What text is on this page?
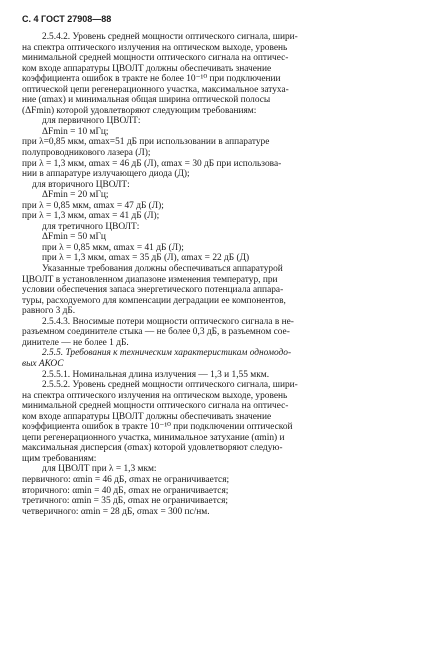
С. 4 ГОСТ 27908—88

2.5.4.2. Уровень средней мощности оптического сигнала, шири-

на спектра оптического излучения на оптическом выходе, уровень

минимальной средней мощности оптического сигнала на оптичес-

ком входе аппаратуры ЦВОЛТ должны обеспечивать значение

коэффициента ошибок в тракте не более 10⁻¹⁰ при подключении

оптической цепи регенерационного участка, максимальное затуха-

ние (αmax) и минимальная общая ширина оптической полосы

(ΔFmin) которой удовлетворяют следующим требованиям:

для первичного ЦВОЛТ:

ΔFmin = 10 мГц;

при λ=0,85 мкм, αmax=51 дБ при использовании в аппаратуре

полупроводникового лазера (Л);

при λ = 1,3 мкм, αmax = 46 дБ (Л), αmax = 30 дБ при использова-

нии в аппаратуре излучающего диода (Д);

для вторичного ЦВОЛТ:

ΔFmin = 20 мГц;

при λ = 0,85 мкм, αmax = 47 дБ (Л);

при λ = 1,3 мкм, αmax = 41 дБ (Л);

для третичного ЦВОЛТ:

ΔFmin = 50 мГц

при λ = 0,85 мкм, αmax = 41 дБ (Л);

при λ = 1,3 мкм, αmax = 35 дБ (Л), αmax = 22 дБ (Д)

Указанные требования должны обеспечиваться аппаратурой

ЦВОЛТ в установленном диапазоне изменения температур, при

условии обеспечения запаса энергетического потенциала аппара-

туры, расходуемого для компенсации деградации ее компонентов,

равного 3 дБ.

2.5.4.3. Вносимые потери мощности оптического сигнала в не-

разъемном соединителе стыка — не более 0,3 дБ, в разъемном сое-

динителе — не более 1 дБ.

2.5.5. Требования к техническим характеристикам одномодо-

вых АКОС

2.5.5.1. Номинальная длина излучения — 1,3 и 1,55 мкм.

2.5.5.2. Уровень средней мощности оптического сигнала, шири-

на спектра оптического излучения на оптическом выходе, уровень

минимальной средней мощности оптического сигнала на оптичес-

ком входе аппаратуры ЦВОЛТ должны обеспечивать значение

коэффициента ошибок в тракте 10⁻¹⁰ при подключении оптической

цепи регенерационного участка, минимальное затухание (αmin) и

максимальная дисперсия (σmax) которой удовлетворяют следую-

щим требованиям:

для ЦВОЛТ при λ = 1,3 мкм:

первичного: αmin = 46 дБ, σmax не ограничивается;

вторичного: αmin = 40 дБ, σmax не ограничивается;

третичного: αmin = 35 дБ, σmax не ограничивается;

четвеpичного: αmin = 28 дБ, σmax = 300 пс/нм.
